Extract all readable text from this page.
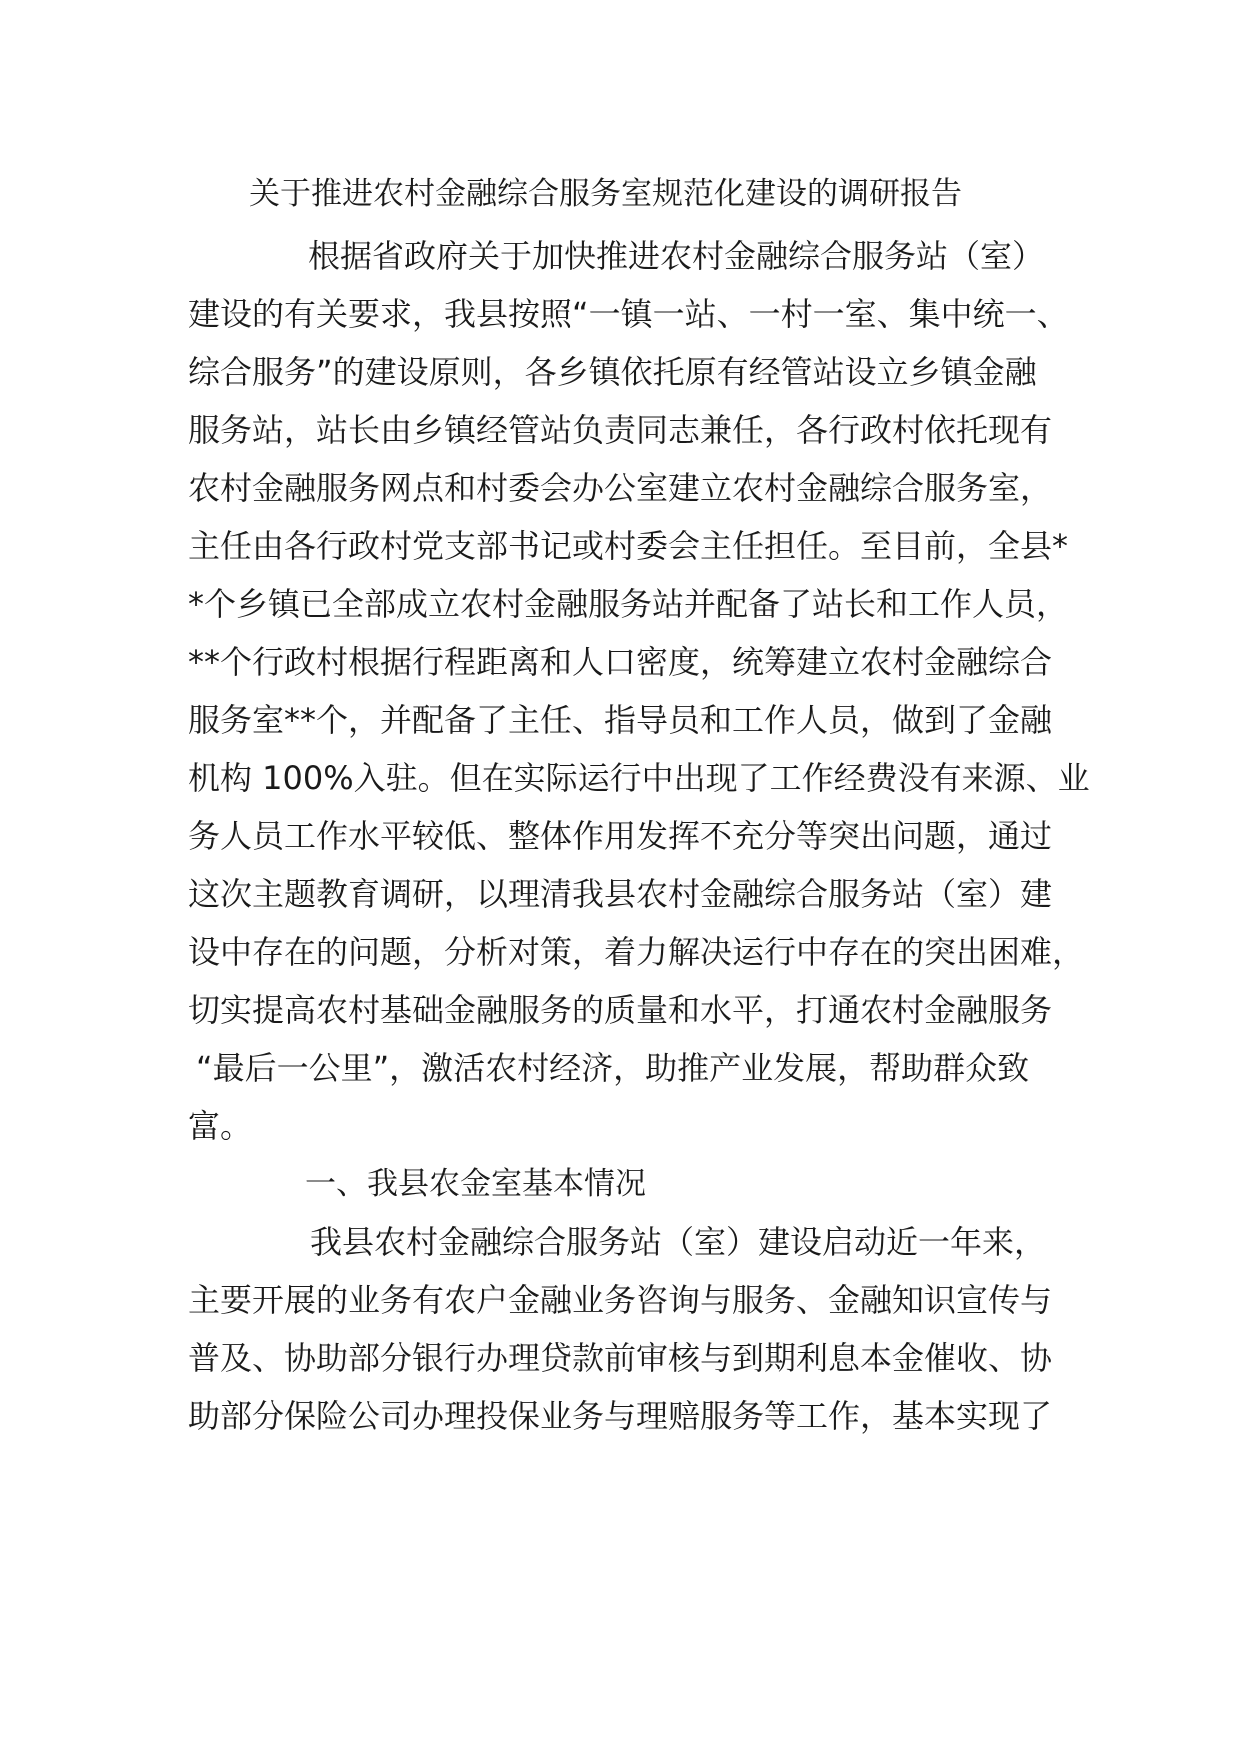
关于推进农村金融综合服务室规范化建设的调研报告

根据省政府关于加快推进农村金融综合服务站（室）

建设的有关要求，我县按照“一镇一站、一村一室、集中统一、

综合服务”的建设原则，各乡镇依托原有经管站设立乡镇金融

服务站，站长由乡镇经管站负责同志兼任，各行政村依托现有

农村金融服务网点和村委会办公室建立农村金融综合服务室，

主任由各行政村党支部书记或村委会主任担任。至目前，全县*

*个乡镇已全部成立农村金融服务站并配备了站长和工作人员，

**个行政村根据行程距离和人口密度，统筹建立农村金融综合

服务室**个，并配备了主任、指导员和工作人员，做到了金融

机构 100%入驻。但在实际运行中出现了工作经费没有来源、业

务人员工作水平较低、整体作用发挥不充分等突出问题，通过

这次主题教育调研，以理清我县农村金融综合服务站（室）建

设中存在的问题，分析对策，着力解决运行中存在的突出困难，

切实提高农村基础金融服务的质量和水平，打通农村金融服务

“最后一公里”，激活农村经济，助推产业发展，帮助群众致

富。

一、我县农金室基本情况

我县农村金融综合服务站（室）建设启动近一年来，

主要开展的业务有农户金融业务咨询与服务、金融知识宣传与

普及、协助部分银行办理贷款前审核与到期利息本金催收、协

助部分保险公司办理投保业务与理赔服务等工作，基本实现了
